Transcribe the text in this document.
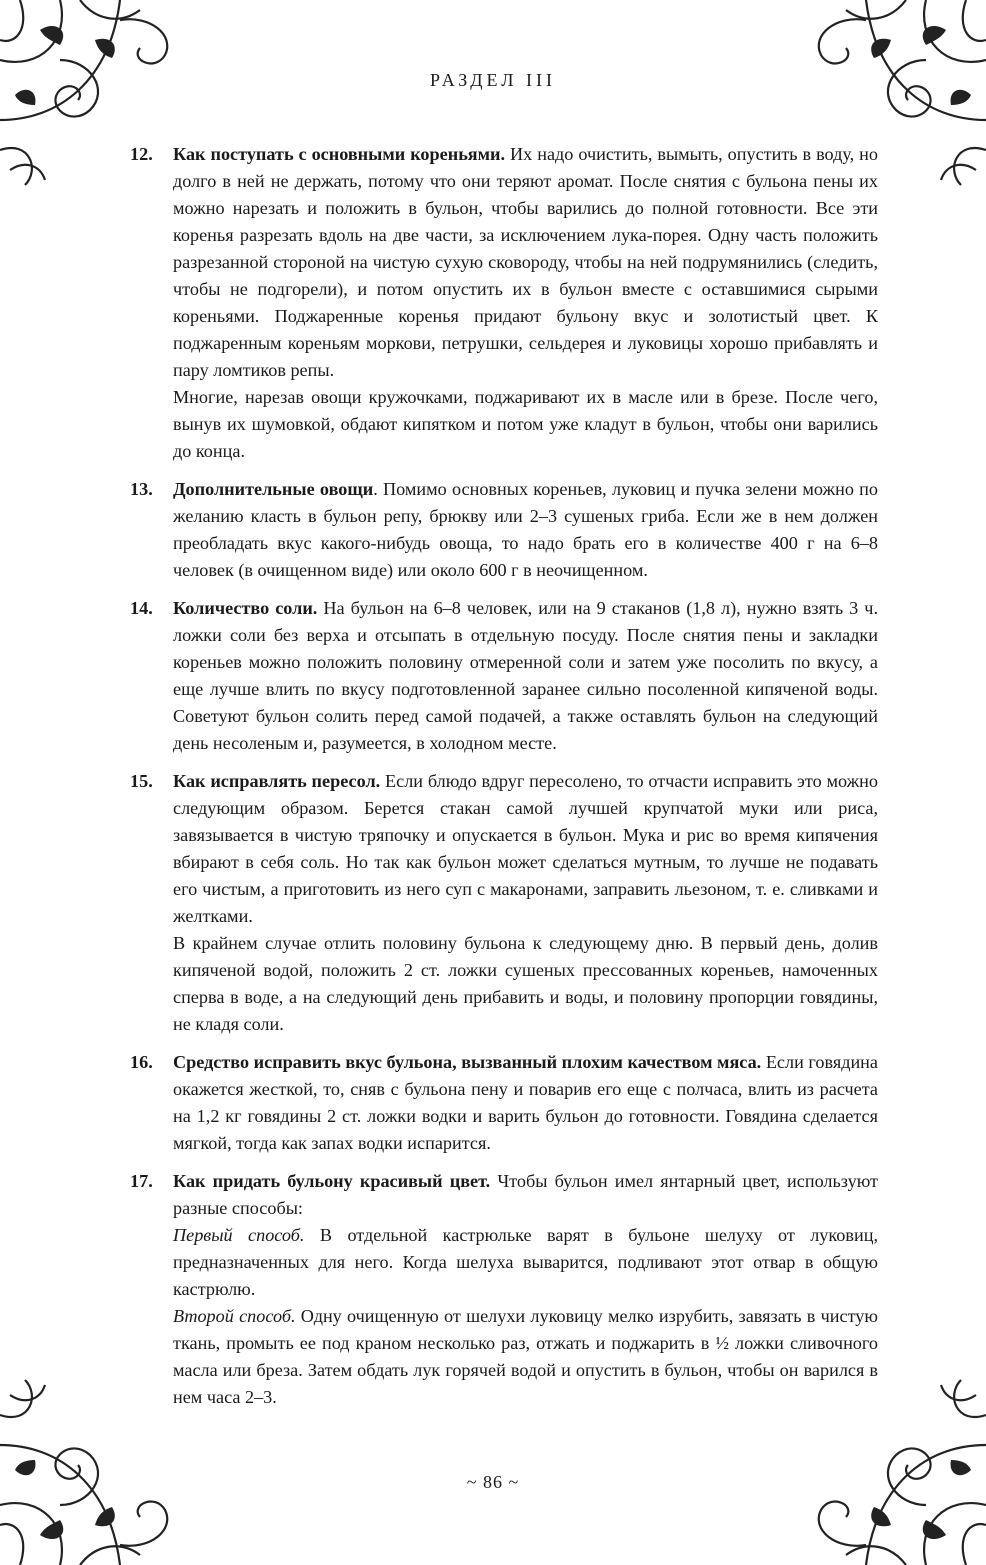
РАЗДЕЛ III
12. Как поступать с основными кореньями. Их надо очистить, вымыть, опустить в воду, но долго в ней не держать, потому что они теряют аромат. После снятия с бульона пены их можно нарезать и положить в бульон, чтобы варились до полной готовности. Все эти коренья разрезать вдоль на две части, за исключением лука-порея. Одну часть положить разрезанной стороной на чистую сухую сковороду, чтобы на ней подрумянились (следить, чтобы не подгорели), и потом опустить их в бульон вместе с оставшимися сырыми кореньями. Поджаренные коренья придают бульону вкус и золотистый цвет. К поджаренным кореньям моркови, петрушки, сельдерея и луковицы хорошо прибавлять и пару ломтиков репы.

Многие, нарезав овощи кружочками, поджаривают их в масле или в брезе. После чего, вынув их шумовкой, обдают кипятком и потом уже кладут в бульон, чтобы они варились до конца.

13. Дополнительные овощи. Помимо основных кореньев, луковиц и пучка зелени можно по желанию класть в бульон репу, брюкву или 2–3 сушеных гриба. Если же в нем должен преобладать вкус какого-нибудь овоща, то надо брать его в количестве 400 г на 6–8 человек (в очищенном виде) или около 600 г в неочищенном.

14. Количество соли. На бульон на 6–8 человек, или на 9 стаканов (1,8 л), нужно взять 3 ч. ложки соли без верха и отсыпать в отдельную посуду. После снятия пены и закладки кореньев можно положить половину отмеренной соли и затем уже посолить по вкусу, а еще лучше влить по вкусу подготовленной заранее сильно посоленной кипяченой воды. Советуют бульон солить перед самой подачей, а также оставлять бульон на следующий день несоленым и, разумеется, в холодном месте.

15. Как исправлять пересол. Если блюдо вдруг пересолено, то отчасти исправить это можно следующим образом. Берется стакан самой лучшей крупчатой муки или риса, завязывается в чистую тряпочку и опускается в бульон. Мука и рис во время кипячения вбирают в себя соль. Но так как бульон может сделаться мутным, то лучше не подавать его чистым, а приготовить из него суп с макаронами, заправить льезоном, т. е. сливками и желтками.

В крайнем случае отлить половину бульона к следующему дню. В первый день, долив кипяченой водой, положить 2 ст. ложки сушеных прессованных кореньев, намоченных сперва в воде, а на следующий день прибавить и воды, и половину пропорции говядины, не кладя соли.

16. Средство исправить вкус бульона, вызванный плохим качеством мяса. Если говядина окажется жесткой, то, сняв с бульона пену и поварив его еще с полчаса, влить из расчета на 1,2 кг говядины 2 ст. ложки водки и варить бульон до готовности. Говядина сделается мягкой, тогда как запах водки испарится.

17. Как придать бульону красивый цвет. Чтобы бульон имел янтарный цвет, используют разные способы:

Первый способ. В отдельной кастрюльке варят в бульоне шелуху от луковиц, предназначенных для него. Когда шелуха выварится, подливают этот отвар в общую кастрюлю.

Второй способ. Одну очищенную от шелухи луковицу мелко изрубить, завязать в чистую ткань, промыть ее под краном несколько раз, отжать и поджарить в ½ ложки сливочного масла или бреза. Затем обдать лук горячей водой и опустить в бульон, чтобы он варился в нем часа 2–3.

~ 86 ~
